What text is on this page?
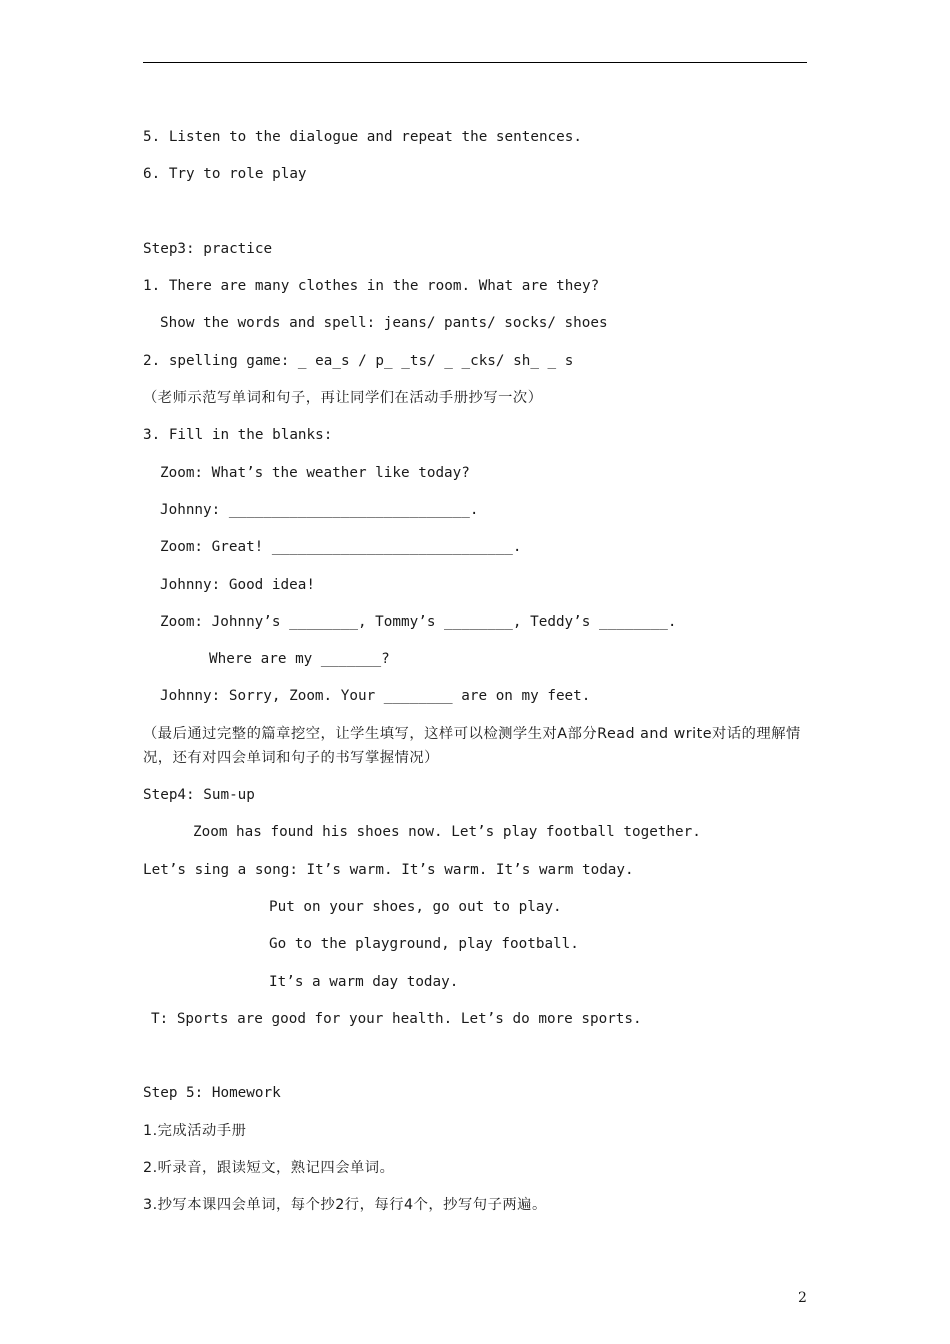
5. Listen to the dialogue and repeat the sentences.
6. Try to role play
Step3: practice
1. There are many clothes in the room. What are they?
Show the words and spell: jeans/ pants/ socks/ shoes
2. spelling game: _ ea_s / p_ _ts/ _ _cks/ sh_ _ s
（老师示范写单词和句子，再让同学们在活动手册抄写一次）
3. Fill in the blanks:
Zoom: What’s the weather like today?
Johnny: ____________________________.
Zoom: Great! ____________________________.
Johnny: Good idea!
Zoom: Johnny’s ________, Tommy’s ________, Teddy’s ________.
Where are my _______?
Johnny: Sorry, Zoom. Your ________ are on my feet.
（最后通过完整的篇章挖空，让学生填写，这样可以检测学生对A部分Read and write对话的理解情况，还有对四会单词和句子的书写掌握情况）
Step4: Sum-up
Zoom has found his shoes now. Let’s play football together.
Let’s sing a song: It’s warm. It’s warm. It’s warm today.
Put on your shoes, go out to play.
Go to the playground, play football.
It’s a warm day today.
T: Sports are good for your health. Let’s do more sports.
Step 5: Homework
1.完成活动手册
2.听录音，跟读短文，熟记四会单词。
3.抄写本课四会单词，每个抄2行，每行4个，抄写句子两遍。
2
